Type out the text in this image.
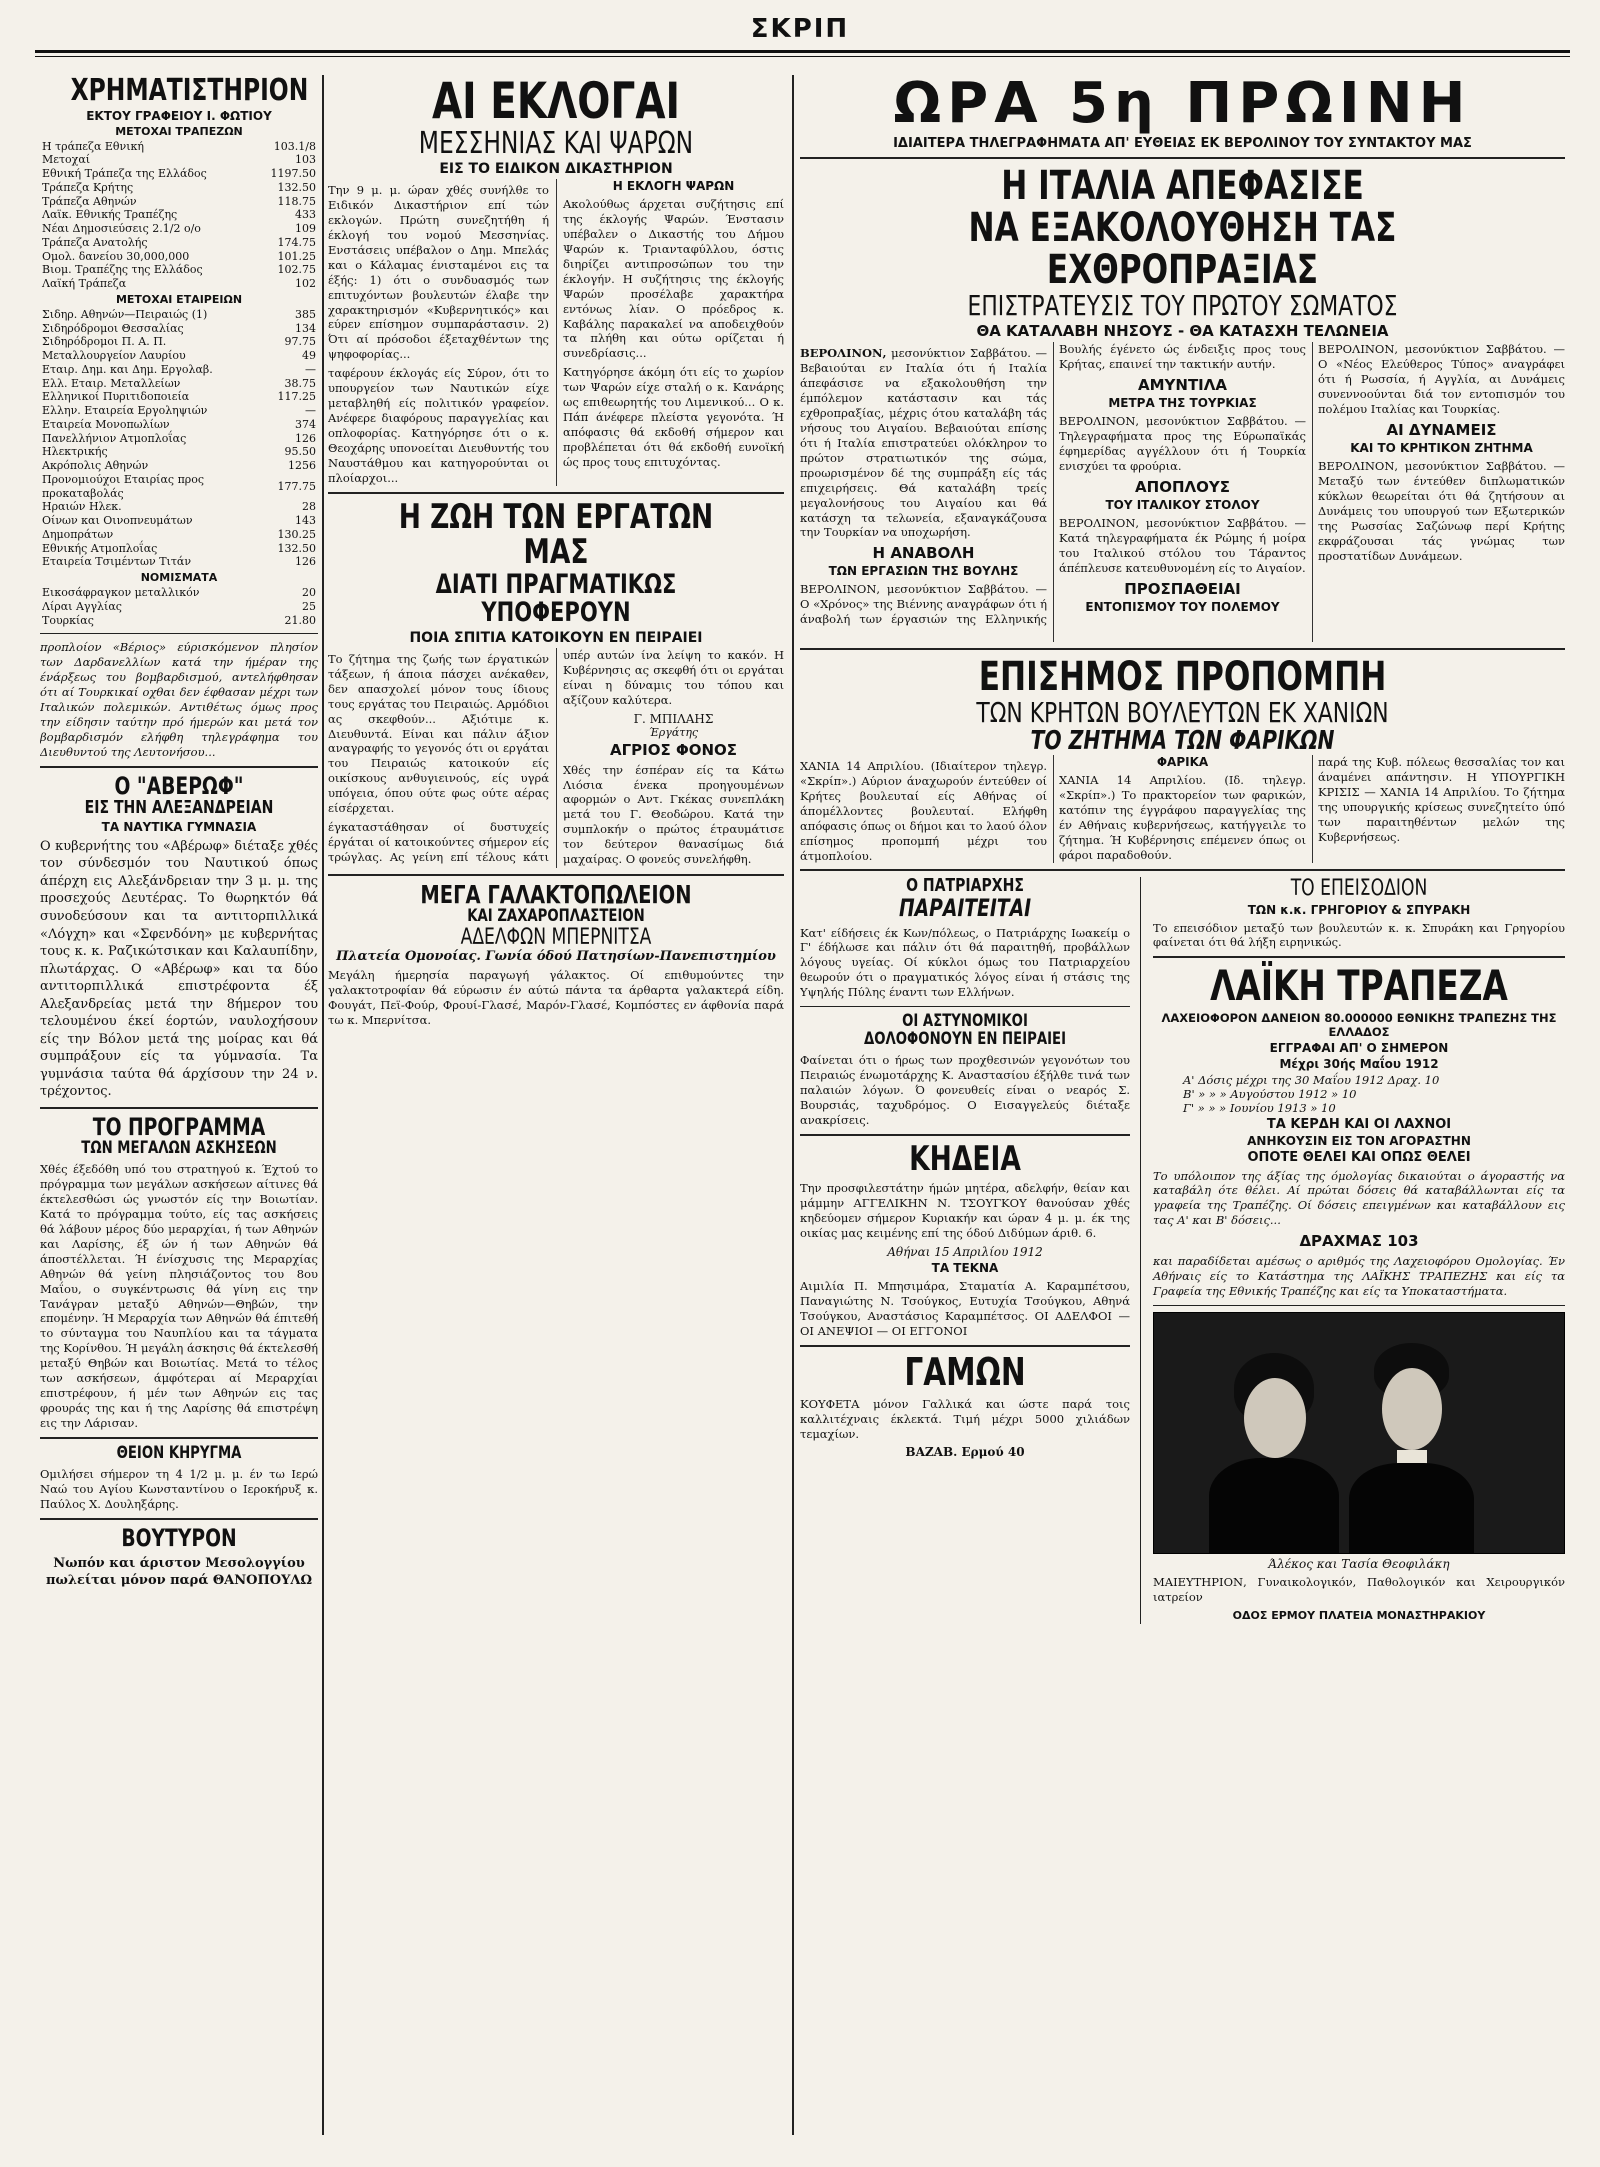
ΣΚΡΙΠ
ΧΡΗΜΑΤΙΣΤΗΡΙΟΝ
ΕΚΤΟΥ ΓΡΑΦΕΙΟΥ Ι. ΦΩΤΙΟΥ
ΜΕΤΟΧΑΙ ΤΡΑΠΕΖΩΝ
Η τράπεζα Εθνική	103.1/8
Μετοχαί	103
Εθνική Τράπεζα της Ελλάδος	1197.50
Τράπεζα Κρήτης	132.50
Τράπεζα Αθηνών	118.75
Λαϊκ. Εθνικής Τραπέζης	433
Νέαι Δημοσιεύσεις 2.1/2 ο/ο	109
Τράπεζα Ανατολής	174.75
Ομολ. δανείου 30,000,000	101.25
Βιομ. Τραπέζης της Ελλάδος	102.75
Λαϊκή Τράπεζα	102
ΜΕΤΟΧΑΙ ΕΤΑΙΡΕΙΩΝ
Σιδηρ. Αθηνών—Πειραιώς (1)	385
Σιδηρόδρομοι Θεσσαλίας	134
Σιδηρόδρομοι Π. Α. Π.	97.75
Μεταλλουργείον Λαυρίου	49
Εταιρ. Δημ. και Δημ. Εργολαβ.	—
Ελλ. Εταιρ. Μεταλλείων	38.75
Ελληνικοί Πυριτιδοποιεία	117.25
Ελλην. Εταιρεία Εργοληψιών	—
Εταιρεία Μονοπωλίων	374
Πανελλήνιον Ατμοπλοΐας	126
Ηλεκτρικής	95.50
Ακρόπολις Αθηνών	1256
Προνομιούχοι Εταιρίας προς προκαταβολάς	177.75
Ηραιών Ηλεκ.	28
Οίνων και Οινοπνευμάτων	143
Δημοπράτων	130.25
Εθνικής Ατμοπλοΐας	132.50
Εταιρεία Τσιμέντων Τιτάν	126
ΝΟΜΙΣΜΑΤΑ
Εικοσάφραγκον μεταλλικόν	20
Λίραι Αγγλίας	25
Τουρκίας	21.80

προπλοίον «Βέριος» εύρισκόμενον πλησίον των Δαρδανελλίων κατά την ήμέραν της ένάρξεως του βομβαρδισμού, αντελήφθησαν ότι αί Τουρκικαί οχθαι δεν έφθασαν μέχρι των Ιταλικών πολεμικών. Αντιθέτως όμως προς την είδησιν ταύτην πρό ήμερών και μετά τον βομβαρδισμόν ελήφθη τηλεγράφημα του Διευθυντού της Λευτονήσου...

Ο "ΑΒΕΡΩΦ"
ΕΙΣ ΤΗΝ ΑΛΕΞΑΝΔΡΕΙΑΝ
ΤΑ ΝΑΥΤΙΚΑ ΓΥΜΝΑΣΙΑ

Ο κυβερνήτης του «Αβέρωφ» διέταξε χθές τον σύνδεσμόν του Ναυτικού όπως άπέρχη εις Αλεξάνδρειαν την 3 μ. μ. της προσεχούς Δευτέρας. Το θωρηκτόν θά συνοδεύσουν και τα αντιτορπιλλικά «Λόγχη» και «Σφενδόνη» με κυβερνήτας τους κ. κ. Ραζικώτσικαν και Καλαυπίδην, πλωτάρχας. Ο «Αβέρωφ» και τα δύο αντιτορπιλλικά επιστρέφοντα έξ Αλεξανδρείας μετά την 8ήμερον του τελουμένου έκεί έορτών, ναυλοχήσουν είς την Βόλον μετά της μοίρας και θά συμπράξουν είς τα γύμνασία. Τα γυμνάσια ταύτα θά άρχίσουν την 24 ν. τρέχοντος.

ΤΟ ΠΡΟΓΡΑΜΜΑ
ΤΩΝ ΜΕΓΑΛΩΝ ΑΣΚΗΣΕΩΝ

Χθές έξεδόθη υπό του στρατηγού κ. Έχτού το πρόγραμμα των μεγάλων ασκήσεων αίτινες θά έκτελεσθώσι ώς γνωστόν είς την Βοιωτίαν. Κατά το πρόγραμμα τούτο, είς τας ασκήσεις θά λάβουν μέρος δύο μεραρχίαι, ή των Αθηνών και Λαρίσης, έξ ών ή των Αθηνών θά άποστέλλεται. Ή ένίσχυσις της Μεραρχίας Αθηνών θά γείνη πλησιάζοντος του 8ου Μαΐου, ο συγκέντρωσις θά γίνη εις την Τανάγραν μεταξύ Αθηνών—Θηβών, την επομένην. Ή Μεραρχία των Αθηνών θά έπιτεθή το σύνταγμα του Ναυπλίου και τα τάγματα της Κορίνθου. Ή μεγάλη άσκησις θά έκτελεσθή μεταξύ Θηβών και Βοιωτίας. Μετά το τέλος των ασκήσεων, άμφότεραι αί Μεραρχίαι επιστρέφουν, ή μέν των Αθηνών εις τας φρουράς της και ή της Λαρίσης θά επιστρέψη εις την Λάρισαν.

ΘΕΙΟΝ ΚΗΡΥΓΜΑ

Ομιλήσει σήμερον τη 4 1/2 μ. μ. έν τω Ιερώ Ναώ του Αγίου Κωνσταντίνου ο Ιεροκήρυξ κ. Παύλος Χ. Δουληξάρης.

ΒΟΥΤΥΡΟΝ

Νωπόν και άριστον Μεσολογγίου πωλείται μόνον παρά ΘΑΝΟΠΟΥΛΩ

ΑΙ ΕΚΛΟΓΑΙ
ΜΕΣΣΗΝΙΑΣ ΚΑΙ ΨΑΡΩΝ
ΕΙΣ ΤΟ ΕΙΔΙΚΟΝ ΔΙΚΑΣΤΗΡΙΟΝ

Την 9 μ. μ. ώραν χθές συνήλθε το Ειδικόν Δικαστήριον επί τών εκλογών. Πρώτη συνεζητήθη ή έκλογή του νομού Μεσσηνίας. Ενστάσεις υπέβαλον ο Δημ. Μπελάς και ο Κάλαμας ένισταμένοι εις τα έξής: 1) ότι ο συνδυασμός των επιτυχόντων βουλευτών έλαβε την χαρακτηρισμόν «Κυβερνητικός» και εύρεν επίσημον συμπαράστασιν. 2) Ότι αί πρόσοδοι έξεταχθέντων της ψηφοφορίας...

ταφέρουν έκλογάς είς Σύρον, ότι το υπουργείον των Ναυτικών είχε μεταβληθή είς πολιτικόν γραφείον. Ανέφερε διαφόρους παραγγελίας και οπλοφορίας. Κατηγόρησε ότι ο κ. Θεοχάρης υπονοείται Διευθυντής του Ναυστάθμου και κατηγορούνται οι πλοίαρχοι...

Η ΕΚΛΟΓΗ ΨΑΡΩΝ

Ακολούθως άρχεται συζήτησις επί της έκλογής Ψαρών. Ένστασιν υπέβαλεν ο Δικαστής του Δήμου Ψαρών κ. Τριανταφύλλου, όστις διηρίζει αντιπροσώπων του την έκλογήν. Η συζήτησις της έκλογής Ψαρών προσέλαβε χαρακτήρα εντόνως λίαν. Ο πρόεδρος κ. Καβάλης παρακαλεί να αποδειχθούν τα πλήθη και ούτω ορίζεται ή συνεδρίασις...

Κατηγόρησε άκόμη ότι είς το χωρίον των Ψαρών είχε σταλή ο κ. Κανάρης ως επιθεωρητής του Λιμενικού... Ο κ. Πάπ άνέφερε πλείστα γεγονότα. Ή απόφασις θά εκδοθή σήμερον και προβλέπεται ότι θά εκδοθή ευνοϊκή ώς προς τους επιτυχόντας.

Η ΖΩΗ ΤΩΝ ΕΡΓΑΤΩΝ ΜΑΣ
ΔΙΑΤΙ ΠΡΑΓΜΑΤΙΚΩΣ ΥΠΟΦΕΡΟΥΝ
ΠΟΙΑ ΣΠΙΤΙΑ ΚΑΤΟΙΚΟΥΝ ΕΝ ΠΕΙΡΑΙΕΙ

Το ζήτημα της ζωής των έργατικών τάξεων, ή άποια πάσχει ανέκαθεν, δεν απασχολεί μόνον τους ίδιους τους εργάτας του Πειραιώς. Αρμόδιοι ας σκεφθούν... Αξιότιμε κ. Διευθυντά. Είναι και πάλιν άξιον αναγραφής το γεγονός ότι οι εργάται του Πειραιώς κατοικούν είς οικίσκους ανθυγιεινούς, είς υγρά υπόγεια, όπου ούτε φως ούτε αέρας είσέρχεται.

έγκαταστάθησαν οί δυστυχείς έργάται οί κατοικούντες σήμερον είς τρώγλας. Ας γείνη επί τέλους κάτι υπέρ αυτών ίνα λείψη το κακόν. Η Κυβέρνησις ας σκεφθή ότι οι εργάται είναι η δύναμις του τόπου και αξίζουν καλύτερα.

Γ. ΜΠΙΛΑΗΣ
Έργάτης
ΑΓΡΙΟΣ ΦΟΝΟΣ

Χθές την έσπέραν είς τα Κάτω Λιόσια ένεκα προηγουμένων αφορμών ο Αντ. Γκέκας συνεπλάκη μετά του Γ. Θεοδώρου. Κατά την συμπλοκήν ο πρώτος έτραυμάτισε τον δεύτερον θανασίμως διά μαχαίρας. Ο φονεύς συνελήφθη.

ΜΕΓΑ ΓΑΛΑΚΤΟΠΩΛΕΙΟΝ
ΚΑΙ ΖΑΧΑΡΟΠΛΑΣΤΕΙΟΝ
ΑΔΕΛΦΩΝ ΜΠΕΡΝΙΤΣΑ
Πλατεία Ομονοίας. Γωνία όδού Πατησίων-Πανεπιστημίου

Μεγάλη ήμερησία παραγωγή γάλακτος. Οί επιθυμούντες την γαλακτοτροφίαν θά εύρωσιν έν αύτώ πάντα τα άρθαρτα γαλακτερά είδη. Φουγάτ, Πεϊ-Φούρ, Φρουί-Γλασέ, Μαρόν-Γλασέ, Κομπόστες εν άφθονία παρά τω κ. Μπερνίτσα.

ΩΡΑ 5η ΠΡΩΙΝΗ
ΙΔΙΑΙΤΕΡΑ ΤΗΛΕΓΡΑΦΗΜΑΤΑ ΑΠ' ΕΥΘΕΙΑΣ ΕΚ ΒΕΡΟΛΙΝΟΥ ΤΟΥ ΣΥΝΤΑΚΤΟΥ ΜΑΣ
Η ΙΤΑΛΙΑ ΑΠΕΦΑΣΙΣΕ
ΝΑ ΕΞΑΚΟΛΟΥΘΗΣΗ ΤΑΣ ΕΧΘΡΟΠΡΑΞΙΑΣ
ΕΠΙΣΤΡΑΤΕΥΣΙΣ ΤΟΥ ΠΡΩΤΟΥ ΣΩΜΑΤΟΣ
ΘΑ ΚΑΤΑΛΑΒΗ ΝΗΣΟΥΣ - ΘΑ ΚΑΤΑΣΧΗ ΤΕΛΩΝΕΙΑ

ΒΕΡΟΛΙΝΟΝ, μεσονύκτιον Σαββάτου. — Βεβαιούται εν Ιταλία ότι ή Ιταλία άπεφάσισε να εξακολουθήση την έμπόλεμον κατάστασιν και τάς εχθροπραξίας, μέχρις ότου καταλάβη τάς νήσους του Αιγαίου. Βεβαιούται επίσης ότι ή Ιταλία επιστρατεύει ολόκληρον το πρώτον στρατιωτικόν της σώμα, προωρισμένον δέ της συμπράξη είς τάς επιχειρήσεις. Θά καταλάβη τρείς μεγαλονήσους του Αιγαίου και θά κατάσχη τα τελωνεία, εξαναγκάζουσα την Τουρκίαν να υποχωρήση.

Η ΑΝΑΒΟΛΗ
ΤΩΝ ΕΡΓΑΣΙΩΝ ΤΗΣ ΒΟΥΛΗΣ

ΒΕΡΟΛΙΝΟΝ, μεσονύκτιον Σαββάτου. — Ο «Χρόνος» της Βιέννης αναγράφων ότι ή άναβολή των έργασιών της Ελληνικής Βουλής έγένετο ώς ένδειξις προς τους Κρήτας, επαινεί την τακτικήν αυτήν.

ΑΜΥΝΤΙΛΑ
ΜΕΤΡΑ ΤΗΣ ΤΟΥΡΚΙΑΣ

ΒΕΡΟΛΙΝΟΝ, μεσονύκτιον Σαββάτου. — Τηλεγραφήματα προς της Εύρωπαϊκάς έφημερίδας αγγέλλουν ότι ή Τουρκία ενισχύει τα φρούρια.

ΑΠΟΠΛΟΥΣ
ΤΟΥ ΙΤΑΛΙΚΟΥ ΣΤΟΛΟΥ

ΒΕΡΟΛΙΝΟΝ, μεσονύκτιον Σαββάτου. — Κατά τηλεγραφήματα έκ Ρώμης ή μοίρα του Ιταλικού στόλου του Τάραντος άπέπλευσε κατευθυνομένη είς το Αιγαίον.

ΠΡΟΣΠΑΘΕΙΑΙ
ΕΝΤΟΠΙΣΜΟΥ ΤΟΥ ΠΟΛΕΜΟΥ

ΒΕΡΟΛΙΝΟΝ, μεσονύκτιον Σαββάτου. — Ο «Νέος Ελεύθερος Τύπος» αναγράφει ότι ή Ρωσσία, ή Αγγλία, αι Δυνάμεις συνεννοούνται διά τον εντοπισμόν του πολέμου Ιταλίας και Τουρκίας.

ΑΙ ΔΥΝΑΜΕΙΣ
ΚΑΙ ΤΟ ΚΡΗΤΙΚΟΝ ΖΗΤΗΜΑ

ΒΕΡΟΛΙΝΟΝ, μεσονύκτιον Σαββάτου. — Μεταξύ των έντεύθεν διπλωματικών κύκλων θεωρείται ότι θά ζητήσουν αι Δυνάμεις του υπουργού των Εξωτερικών της Ρωσσίας Σαζώνωφ περί Κρήτης εκφράζουσαι τάς γνώμας των προστατίδων Δυνάμεων.

ΕΠΙΣΗΜΟΣ ΠΡΟΠΟΜΠΗ
ΤΩΝ ΚΡΗΤΩΝ ΒΟΥΛΕΥΤΩΝ ΕΚ ΧΑΝΙΩΝ
ΤΟ ΖΗΤΗΜΑ ΤΩΝ ΦΑΡΙΚΩΝ

ΧΑΝΙΑ 14 Απριλίου. (Ιδιαίτερον τηλεγρ. «Σκρίπ».) Αύριον άναχωρούν έντεύθεν οί Κρήτες βουλευταί είς Αθήνας οί άπομέλλοντες βουλευταί. Ελήφθη απόφασις όπως οι δήμοι και το λαού όλον επίσημος προπομπή μέχρι του άτμοπλοίου.

ΦΑΡΙΚΑ

ΧΑΝΙΑ 14 Απριλίου. (Ιδ. τηλεγρ. «Σκρίπ».) Το πρακτορείον των φαρικών, κατόπιν της έγγράφου παραγγελίας της έν Αθήναις κυβερνήσεως, κατήγγειλε το ζήτημα. Ή Κυβέρνησις επέμενεν όπως οι φάροι παραδοθούν.

παρά της Κυβ. πόλεως θεσσαλίας τον και άναμένει απάντησιν. Η ΥΠΟΥΡΓΙΚΗ ΚΡΙΣΙΣ — ΧΑΝΙΑ 14 Απριλίου. Το ζήτημα της υπουργικής κρίσεως συνεζητείτο ύπό των παραιτηθέντων μελών της Κυβερνήσεως.

Ο ΠΑΤΡΙΑΡΧΗΣ
ΠΑΡΑΙΤΕΙΤΑΙ

Κατ' είδήσεις έκ Κων/πόλεως, ο Πατριάρχης Ιωακείμ ο Γ' έδήλωσε και πάλιν ότι θά παραιτηθή, προβάλλων λόγους υγείας. Οί κύκλοι όμως του Πατριαρχείου θεωρούν ότι ο πραγματικός λόγος είναι ή στάσις της Υψηλής Πύλης έναντι των Ελλήνων.

ΟΙ ΑΣΤΥΝΟΜΙΚΟΙ
ΔΟΛΟΦΟΝΟΥΝ ΕΝ ΠΕΙΡΑΙΕΙ

Φαίνεται ότι ο ήρως των προχθεσινών γεγονότων του Πειραιώς ένωμοτάρχης Κ. Αναστασίου έξήλθε τινά των παλαιών λόγων. Ό φονευθείς είναι ο νεαρός Σ. Βουρσιάς, ταχυδρόμος. Ο Εισαγγελεύς διέταξε ανακρίσεις.

ΚΗΔΕΙΑ

Την προσφιλεστάτην ήμών μητέρα, αδελφήν, θείαν και μάμμην ΑΓΓΕΛΙΚΗΝ Ν. ΤΣΟΥΓΚΟΥ θανούσαν χθές κηδεύομεν σήμερον Κυριακήν και ώραν 4 μ. μ. έκ της οικίας μας κειμένης επί της όδού Διδύμων άριθ. 6.

Αθήναι 15 Απριλίου 1912
ΤΑ ΤΕΚΝΑ

Αιμιλία Π. Μπησιμάρα, Σταματία Α. Καραμπέτσου, Παναγιώτης Ν. Τσούγκος, Ευτυχία Τσούγκου, Αθηνά Τσούγκου, Αναστάσιος Καραμπέτσος. ΟΙ ΑΔΕΛΦΟΙ — ΟΙ ΑΝΕΨΙΟΙ — ΟΙ ΕΓΓΟΝΟΙ

ΓΑΜΩΝ

ΚΟΥΦΕΤΑ μόνον Γαλλικά και ώστε παρά τοις καλλιτέχναις έκλεκτά. Τιμή μέχρι 5000 χιλιάδων τεμαχίων.

ΒΑΖΑΒ. Ερμού 40
ΤΟ ΕΠΕΙΣΟΔΙΟΝ
ΤΩΝ κ.κ. ΓΡΗΓΟΡΙΟΥ & ΣΠΥΡΑΚΗ

Το επεισόδιον μεταξύ των βουλευτών κ. κ. Σπυράκη και Γρηγορίου φαίνεται ότι θά λήξη ειρηνικώς.

ΛΑΪΚΗ ΤΡΑΠΕΖΑ
ΛΑΧΕΙΟΦΟΡΟΝ ΔΑΝΕΙΟΝ 80.000000 ΕΘΝΙΚΗΣ ΤΡΑΠΕΖΗΣ ΤΗΣ ΕΛΛΑΔΟΣ
ΕΓΓΡΑΦΑΙ ΑΠ' Ο ΣΗΜΕΡΟΝ
Μέχρι 30ής Μαΐου 1912
Α' Δόσις μέχρι της 30 Μαΐου 1912 Δραχ. 10
Β' » » » Αυγούστου 1912 » 10
Γ' » » » Ιουνίου 1913 » 10
ΤΑ ΚΕΡΔΗ ΚΑΙ ΟΙ ΛΑΧΝΟΙ
ΑΝΗΚΟΥΣΙΝ ΕΙΣ ΤΟΝ ΑΓΟΡΑΣΤΗΝ
ΟΠΟΤΕ ΘΕΛΕΙ ΚΑΙ ΟΠΩΣ ΘΕΛΕΙ

Το υπόλοιπον της άξίας της όμολογίας δικαιούται ο άγοραστής να καταβάλη ότε θέλει. Αί πρώται δόσεις θά καταβάλλωνται είς τα γραφεία της Τραπέζης. Οί δόσεις επειγμένων και καταβάλλουν εις τας Α' και Β' δόσεις...

ΔΡΑΧΜΑΣ 103

και παραδίδεται αμέσως ο αριθμός της Λαχειοφόρου Ομολογίας. Έν Αθήναις είς το Κατάστημα της ΛΑΪΚΗΣ ΤΡΑΠΕΖΗΣ και είς τα Γραφεία της Εθνικής Τραπέζης και είς τα Υποκαταστήματα.

Άλέκος και Τασία Θεοφιλάκη

ΜΑΙΕΥΤΗΡΙΟΝ, Γυναικολογικόν, Παθολογικόν και Χειρουργικόν ιατρείον

ΟΔΟΣ ΕΡΜΟΥ ΠΛΑΤΕΙΑ ΜΟΝΑΣΤΗΡΑΚΙΟΥ
